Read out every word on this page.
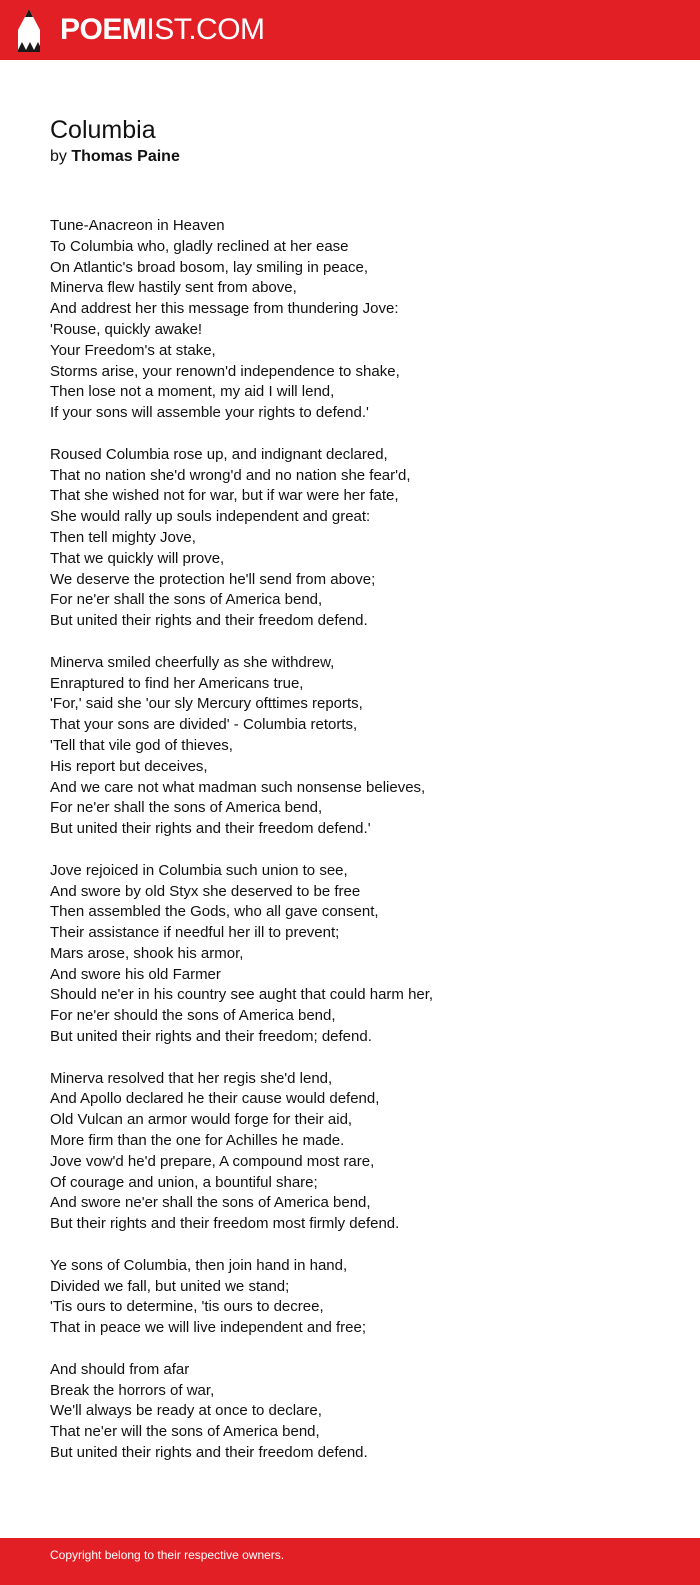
POEMIST.COM
Columbia
by Thomas Paine
Tune-Anacreon in Heaven
To Columbia who, gladly reclined at her ease
On Atlantic's broad bosom, lay smiling in peace,
Minerva flew hastily sent from above,
And addrest her this message from thundering Jove:
'Rouse, quickly awake!
Your Freedom's at stake,
Storms arise, your renown'd independence to shake,
Then lose not a moment, my aid I will lend,
If your sons will assemble your rights to defend.'
Roused Columbia rose up, and indignant declared,
That no nation she'd wrong'd and no nation she fear'd,
That she wished not for war, but if war were her fate,
She would rally up souls independent and great:
Then tell mighty Jove,
That we quickly will prove,
We deserve the protection he'll send from above;
For ne'er shall the sons of America bend,
But united their rights and their freedom defend.
Minerva smiled cheerfully as she withdrew,
Enraptured to find her Americans true,
'For,' said she 'our sly Mercury ofttimes reports,
That your sons are divided' - Columbia retorts,
'Tell that vile god of thieves,
His report but deceives,
And we care not what madman such nonsense believes,
For ne'er shall the sons of America bend,
But united their rights and their freedom defend.'
Jove rejoiced in Columbia such union to see,
And swore by old Styx she deserved to be free
Then assembled the Gods, who all gave consent,
Their assistance if needful her ill to prevent;
Mars arose, shook his armor,
And swore his old Farmer
Should ne'er in his country see aught that could harm her,
For ne'er should the sons of America bend,
But united their rights and their freedom; defend.
Minerva resolved that her regis she'd lend,
And Apollo declared he their cause would defend,
Old Vulcan an armor would forge for their aid,
More firm than the one for Achilles he made.
Jove vow'd he'd prepare, A compound most rare,
Of courage and union, a bountiful share;
And swore ne'er shall the sons of America bend,
But their rights and their freedom most firmly defend.
Ye sons of Columbia, then join hand in hand,
Divided we fall, but united we stand;
'Tis ours to determine, 'tis ours to decree,
That in peace we will live independent and free;
And should from afar
Break the horrors of war,
We'll always be ready at once to declare,
That ne'er will the sons of America bend,
But united their rights and their freedom defend.
Copyright belong to their respective owners.
